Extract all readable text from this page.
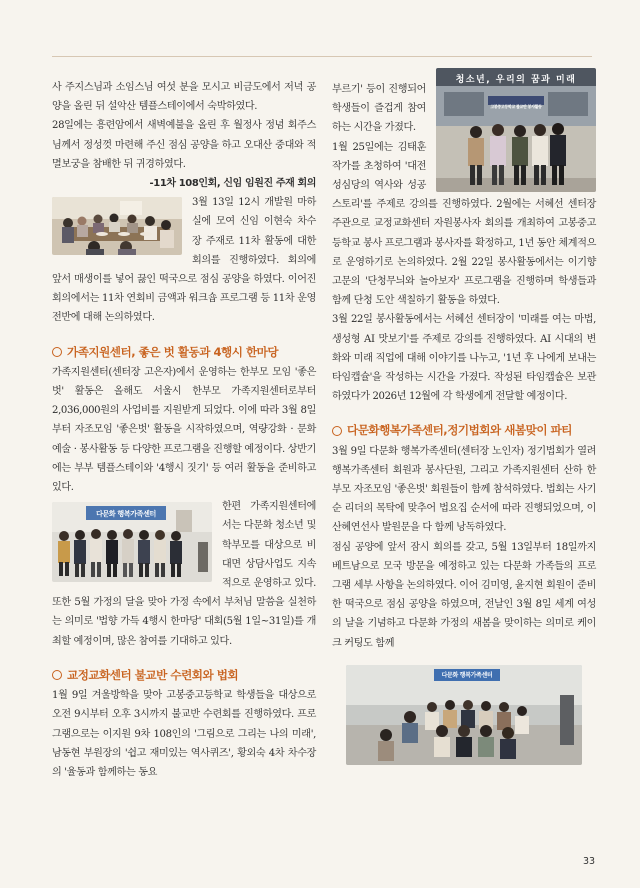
사 주지스님과 소임스님 여섯 분을 모시고 비금도에서 저녁 공양을 올린 뒤 설악산 템플스테이에서 숙박하였다.

28일에는 흥련암에서 새벽예불을 올린 후 월정사 정념 회주스님께서 정성껏 마련해 주신 점심 공양을 하고 오대산 중대와 적멸보궁을 참배한 뒤 귀경하였다.

-11차 108인회, 신임 임원진 주재 회의

3월 13일 12시 개발원 마하실에 모여 신임 이현숙 차수장 주재로 11차 활동에 대한 회의를 진행하였다. 회의에 앞서 매생이를 넣어 끓인 떡국으로 점심 공양을 하였다. 이어진 회의에서는 11차 연회비 금액과 워크숍 프로그램 등 11차 운영 전반에 대해 논의하였다.

가족지원센터, 좋은 벗 활동과 4행시 한마당

가족지원센터(센터장 고은자)에서 운영하는 한부모 모임 '좋은벗' 활동은 올해도 서울시 한부모 가족지원센터로부터 2,036,000원의 사업비를 지원받게 되었다. 이에 따라 3월 8일부터 자조모임 '좋은벗' 활동을 시작하였으며, 역량강화 · 문화예술 · 봉사활동 등 다양한 프로그램을 진행할 예정이다. 상반기에는 부부 템플스테이와 '4행시 짓기' 등 여러 활동을 준비하고 있다.

다문화 행복가족센터

한편 가족지원센터에서는 다문화 청소년 및 학부모를 대상으로 비대면 상담사업도 지속적으로 운영하고 있다. 또한 5월 가정의 달을 맞아 가정 속에서 부처님 말씀을 실천하는 의미로 '법향 가득 4행시 한마당' 대회(5월 1일~31일)를 개최할 예정이며, 많은 참여를 기대하고 있다.

교정교화센터 불교반 수련회와 법회

1월 9일 겨울방학을 맞아 고봉중고등학교 학생들을 대상으로 오전 9시부터 오후 3시까지 불교반 수련회를 진행하였다. 프로그램으로는 이지원 9차 108인의 '그림으로 그리는 나의 미래', 남동현 부원장의 '쉽고 재미있는 역사퀴즈', 황외숙 4차 차수장의 '율동과 함께하는 동요

청소년, 우리의 꿈과 미래
고봉중고등학교 불교반 봉사활동

부르기' 등이 진행되어 학생들이 즐겁게 참여하는 시간을 가졌다.

1월 25일에는 김태훈 작가를 초청하여 '대전 성심당의 역사와 성공 스토리'를 주제로 강의를 진행하였다. 2월에는 서혜선 센터장 주관으로 교정교화센터 자원봉사자 회의를 개최하여 고봉중고등학교 봉사 프로그램과 봉사자를 확정하고, 1년 동안 체계적으로 운영하기로 논의하였다. 2월 22일 봉사활동에서는 이기향 고문의 '단청무늬와 놀아보자' 프로그램을 진행하며 학생들과 함께 단청 도안 색칠하기 활동을 하였다.

3월 22일 봉사활동에서는 서혜선 센터장이 '미래를 여는 마법, 생성형 AI 맛보기'를 주제로 강의를 진행하였다. AI 시대의 변화와 미래 직업에 대해 이야기를 나누고, '1년 후 나에게 보내는 타임캡슐'을 작성하는 시간을 가졌다. 작성된 타임캡슐은 보관하였다가 2026년 12월에 각 학생에게 전달할 예정이다.

다문화행복가족센터,정기법회와 새봄맞이 파티

3월 9일 다문화 행복가족센터(센터장 노인자) 정기법회가 열려 행복가족센터 회원과 봉사단원, 그리고 가족지원센터 산하 한부모 자조모임 '좋은벗' 회원들이 함께 참석하였다. 법회는 사기순 리더의 목탁에 맞추어 법요집 순서에 따라 진행되었으며, 이산혜연선사 발원문을 다 함께 낭독하였다.

점심 공양에 앞서 잠시 회의를 갖고, 5월 13일부터 18일까지 베트남으로 모국 방문을 예정하고 있는 다문화 가족들의 프로그램 세부 사항을 논의하였다. 이어 김미영, 윤지현 회원이 준비한 떡국으로 점심 공양을 하였으며, 전날인 3월 8일 세계 여성의 날을 기념하고 다문화 가정의 새봄을 맞이하는 의미로 케이크 커팅도 함께

다문화 행복가족센터
33
